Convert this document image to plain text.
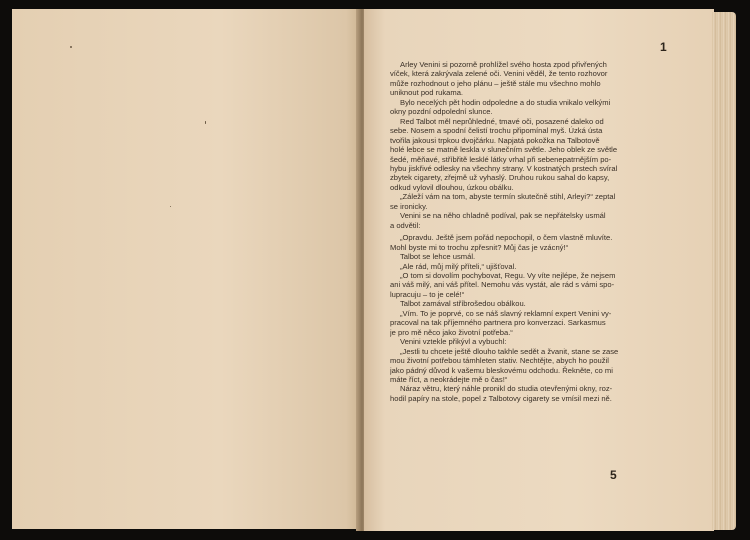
1
Arley Venini si pozorně prohlížel svého hosta zpod přivřených
víček, která zakrývala zelené oči. Venini věděl, že tento rozhovor
může rozhodnout o jeho plánu – ještě stále mu všechno mohlo
uniknout pod rukama.
Bylo necelých pět hodin odpoledne a do studia vnikalo velkými
okny pozdní odpolední slunce.
Red Talbot měl neprůhledné, tmavé oči, posazené daleko od
sebe. Nosem a spodní čelistí trochu připomínal myš. Úzká ústa
tvořila jakousi trpkou dvojčárku. Napjatá pokožka na Talbotově
holé lebce se matně leskla v slunečním světle. Jeho oblek ze světle
šedé, měňavé, stříbřitě lesklé látky vrhal při sebenepatrnějším po-
hybu jiskřivé odlesky na všechny strany. V kostnatých prstech svíral
zbytek cigarety, zřejmě už vyhaslý. Druhou rukou sahal do kapsy,
odkud vylovil dlouhou, úzkou obálku.
„Záleží vám na tom, abyste termín skutečně stihl, Arleyi?“ zeptal
se ironicky.
Venini se na něho chladně podíval, pak se nepřátelsky usmál
a odvětil:
„Opravdu. Ještě jsem pořád nepochopil, o čem vlastně mluvíte.
Mohl byste mi to trochu zpřesnit? Můj čas je vzácný!“
Talbot se lehce usmál.
„Ale rád, můj milý příteli,“ ujišťoval.
„O tom si dovolím pochybovat, Regu. Vy víte nejlépe, že nejsem
ani váš milý, ani váš přítel. Nemohu vás vystát, ale rád s vámi spo-
lupracuju – to je celé!“
Talbot zamával stříbrošedou obálkou.
„Vím. To je poprvé, co se náš slavný reklamní expert Venini vy-
pracoval na tak příjemného partnera pro konverzaci. Sarkasmus
je pro mě něco jako životní potřeba.“
Venini vztekle přikývl a vybuchl:
„Jestli tu chcete ještě dlouho takhle sedět a žvanit, stane se zase
mou životní potřebou támhleten stativ. Nechtějte, abych ho použil
jako pádný důvod k vašemu bleskovému odchodu. Řekněte, co mi
máte říct, a neokrádejte mě o čas!“
Náraz větru, který náhle pronikl do studia otevřenými okny, roz-
hodil papíry na stole, popel z Talbotovy cigarety se vmísil mezi ně.
5
